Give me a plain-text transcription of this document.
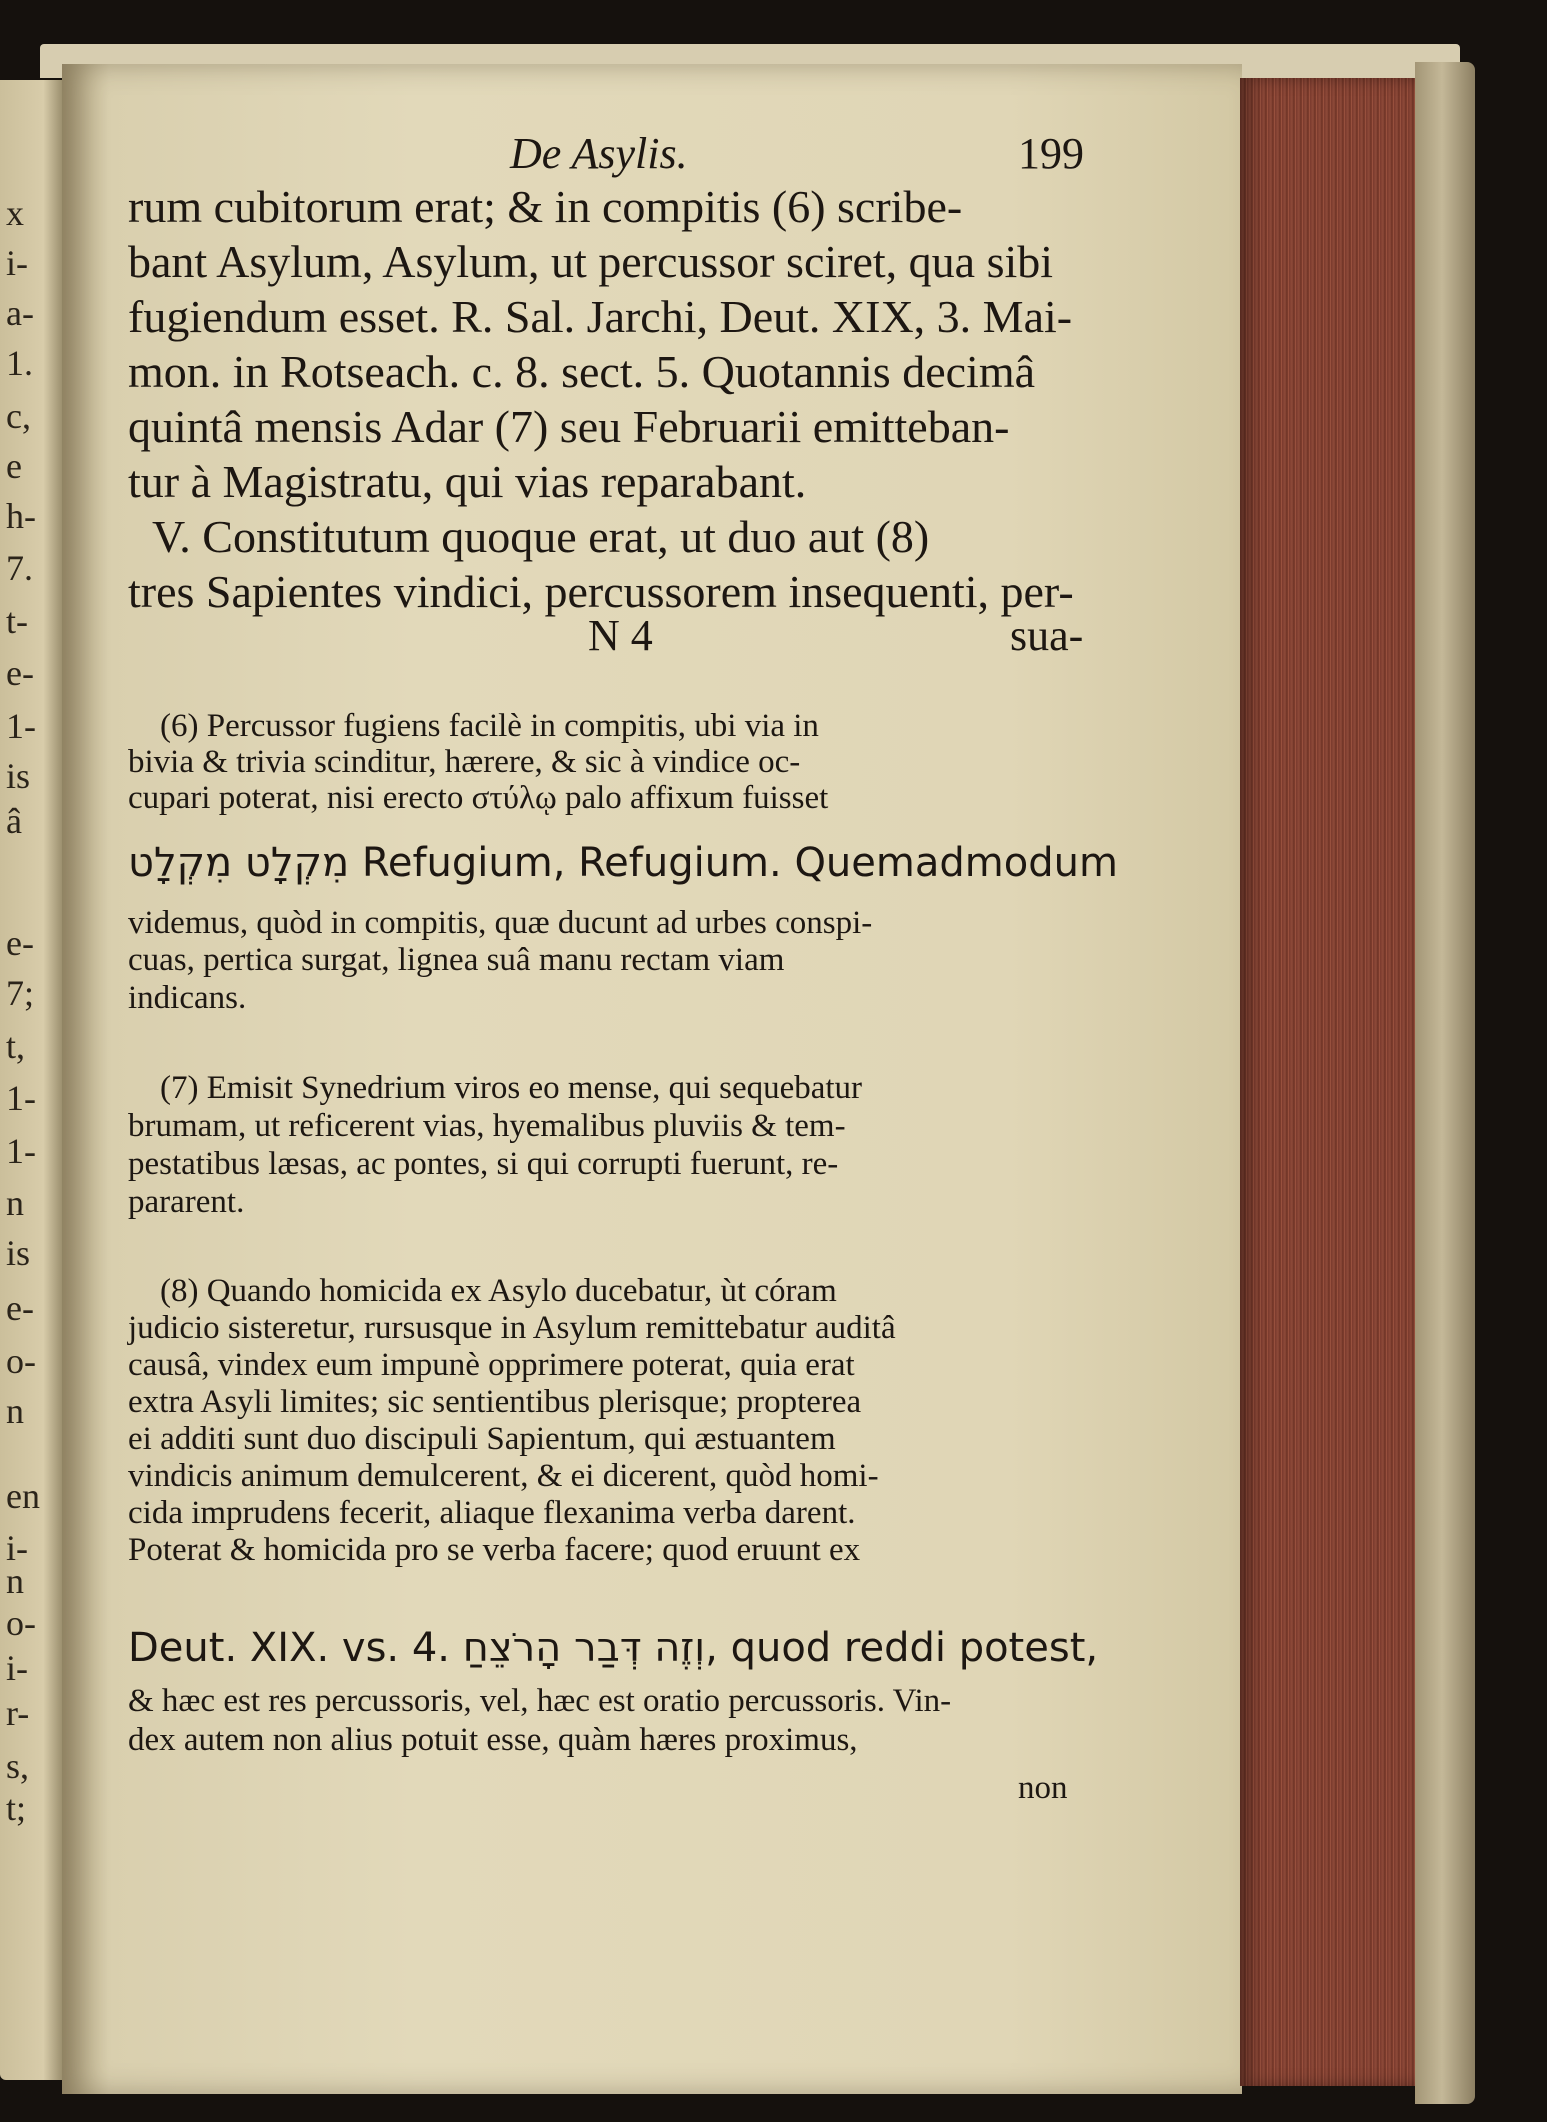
x
i-
a-
1.
c,
e
h-
7.
t-
e-
1-
is
â
e-
7;
t,
1-
1-
n
is
e-
o-
n
en
i-
n
o-
i-
r-
s,
t;
De Asylis.	199
rum cubitorum erat; & in compitis (6) scribe-
bant Asylum, Asylum, ut percussor sciret, qua sibi
fugiendum esset. R. Sal. Jarchi, Deut. XIX, 3. Mai-
mon. in Rotseach. c. 8. sect. 5. Quotannis decimâ
quintâ mensis Adar (7) seu Februarii emitteban-
tur à Magistratu, qui vias reparabant.
V. Constitutum quoque erat, ut duo aut (8)
tres Sapientes vindici, percussorem insequenti, per-
N 4	sua-
(6) Percussor fugiens facilè in compitis, ubi via in
bivia & trivia scinditur, hærere, & sic à vindice oc-
cupari poterat, nisi erecto στύλῳ palo affixum fuisset
מִקְלָט מִקְלָט Refugium, Refugium. Quemadmodum
videmus, quòd in compitis, quæ ducunt ad urbes conspi-
cuas, pertica surgat, lignea suâ manu rectam viam
indicans.
(7) Emisit Synedrium viros eo mense, qui sequebatur
brumam, ut reficerent vias, hyemalibus pluviis & tem-
pestatibus læsas, ac pontes, si qui corrupti fuerunt, re-
pararent.
(8) Quando homicida ex Asylo ducebatur, ùt córam
judicio sisteretur, rursusque in Asylum remittebatur auditâ
causâ, vindex eum impunè opprimere poterat, quia erat
extra Asyli limites; sic sentientibus plerisque; propterea
ei additi sunt duo discipuli Sapientum, qui æstuantem
vindicis animum demulcerent, & ei dicerent, quòd homi-
cida imprudens fecerit, aliaque flexanima verba darent.
Poterat & homicida pro se verba facere; quod eruunt ex
Deut. XIX. vs. 4. וְזֶה דְּבַר הָרֹצֵחַ, quod reddi potest,
& hæc est res percussoris, vel, hæc est oratio percussoris. Vin-
dex autem non alius potuit esse, quàm hæres proximus,
non
